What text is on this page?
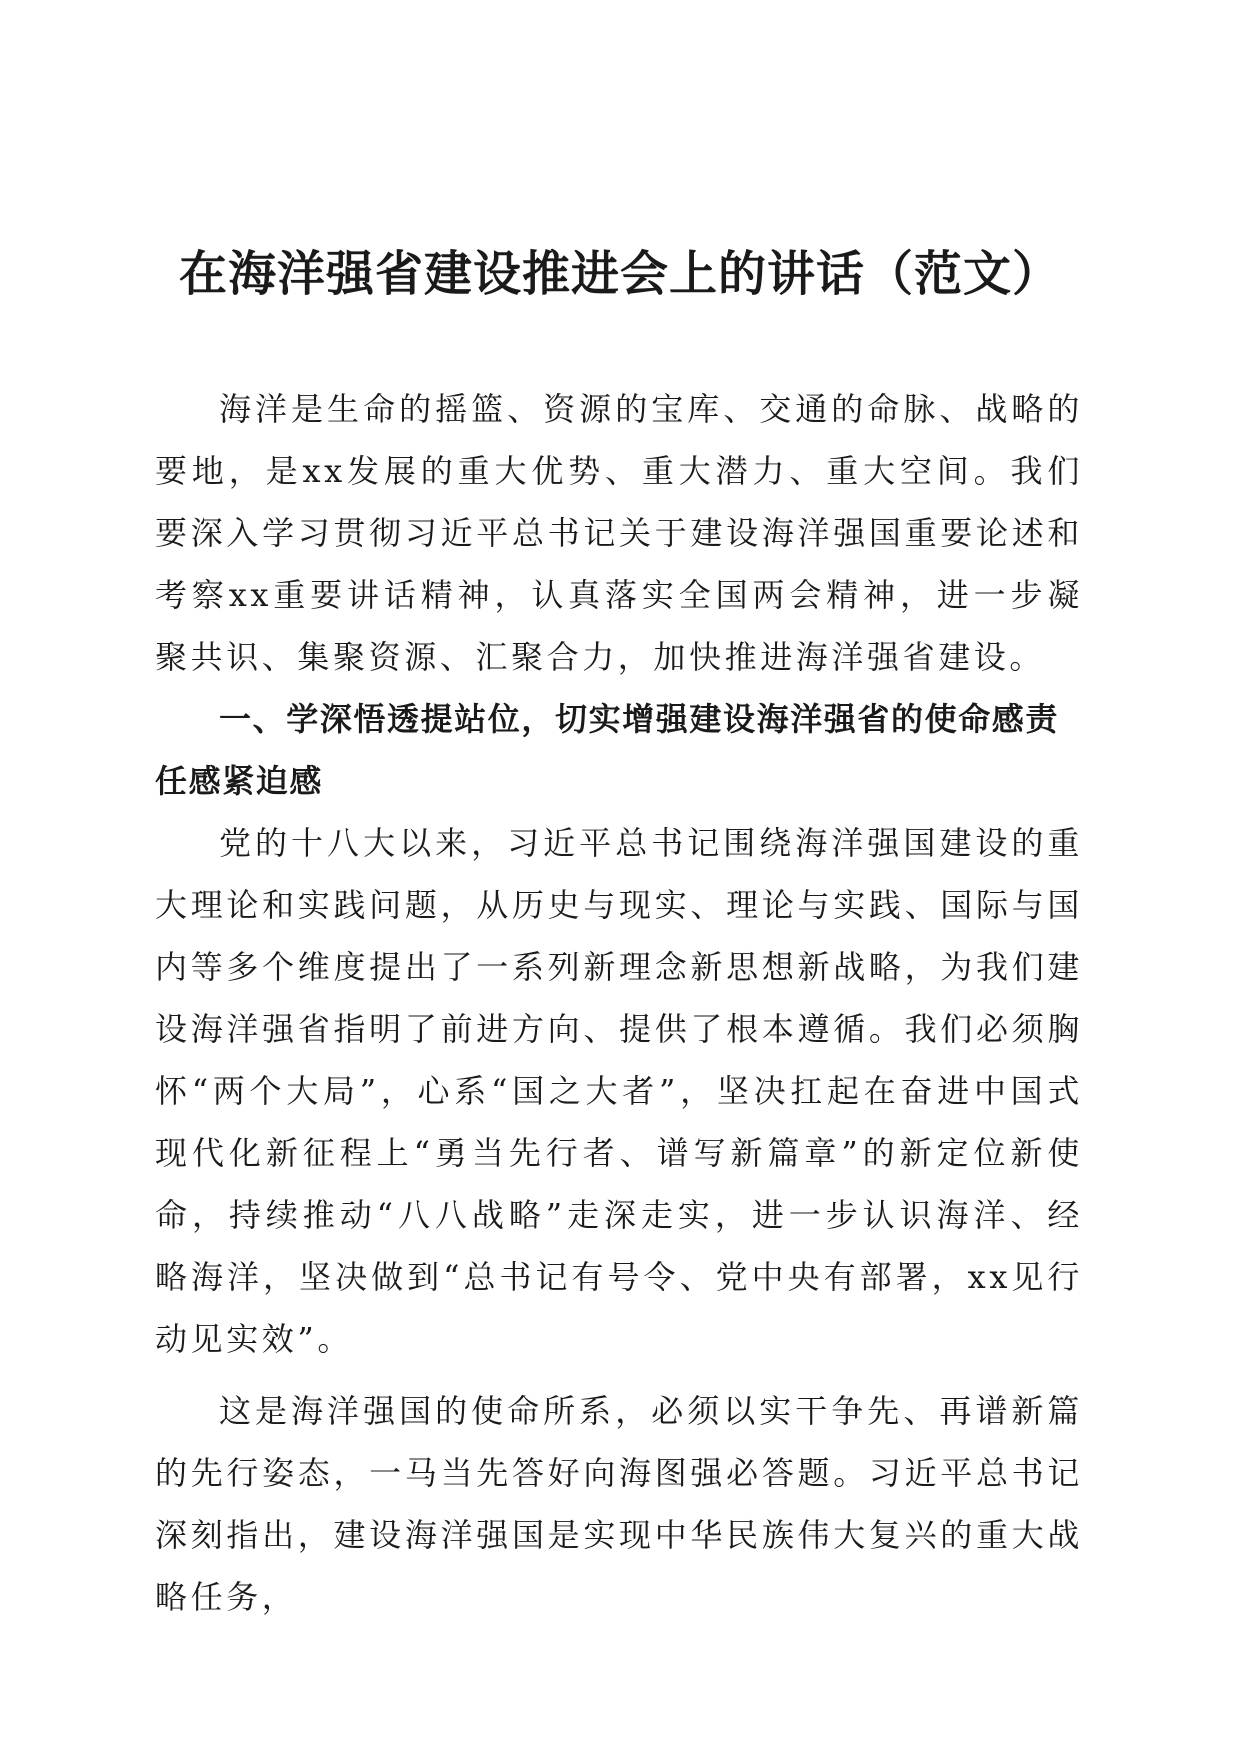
在海洋强省建设推进会上的讲话（范文）

海洋是生命的摇篮、资源的宝库、交通的命脉、战略的要地，是xx发展的重大优势、重大潜力、重大空间。我们要深入学习贯彻习近平总书记关于建设海洋强国重要论述和考察xx重要讲话精神，认真落实全国两会精神，进一步凝聚共识、集聚资源、汇聚合力，加快推进海洋强省建设。

一、学深悟透提站位，切实增强建设海洋强省的使命感责任感紧迫感

党的十八大以来，习近平总书记围绕海洋强国建设的重大理论和实践问题，从历史与现实、理论与实践、国际与国内等多个维度提出了一系列新理念新思想新战略，为我们建设海洋强省指明了前进方向、提供了根本遵循。我们必须胸怀“两个大局”，心系“国之大者”，坚决扛起在奋进中国式现代化新征程上“勇当先行者、谱写新篇章”的新定位新使命，持续推动“八八战略”走深走实，进一步认识海洋、经略海洋，坚决做到“总书记有号令、党中央有部署，xx见行动见实效”。

这是海洋强国的使命所系，必须以实干争先、再谱新篇的先行姿态，一马当先答好向海图强必答题。习近平总书记深刻指出，建设海洋强国是实现中华民族伟大复兴的重大战略任务，
